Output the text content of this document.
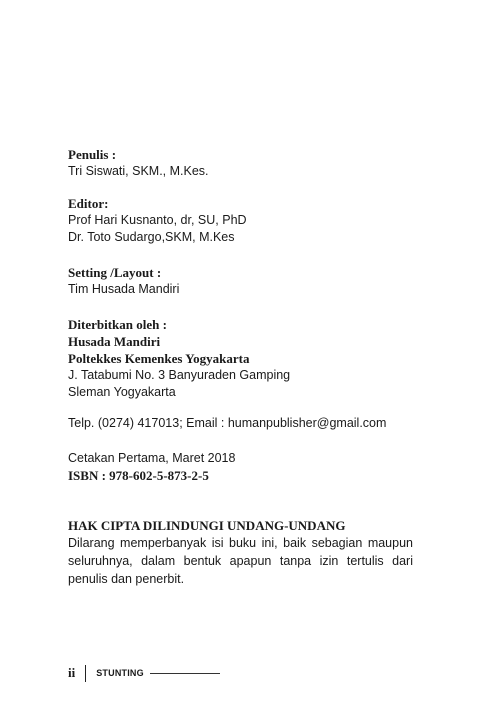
Penulis :
Tri Siswati, SKM., M.Kes.
Editor:
Prof Hari Kusnanto, dr, SU, PhD
Dr. Toto Sudargo,SKM, M.Kes
Setting /Layout :
Tim Husada Mandiri
Diterbitkan oleh :
Husada Mandiri
Poltekkes Kemenkes Yogyakarta
J. Tatabumi No. 3 Banyuraden Gamping
Sleman Yogyakarta
Telp. (0274) 417013; Email : humanpublisher@gmail.com
Cetakan Pertama, Maret 2018
ISBN : 978-602-5-873-2-5
HAK CIPTA DILINDUNGI UNDANG-UNDANG
Dilarang memperbanyak isi buku ini, baik sebagian maupun seluruhnya, dalam bentuk apapun tanpa izin tertulis dari penulis dan penerbit.
ii STUNTING
